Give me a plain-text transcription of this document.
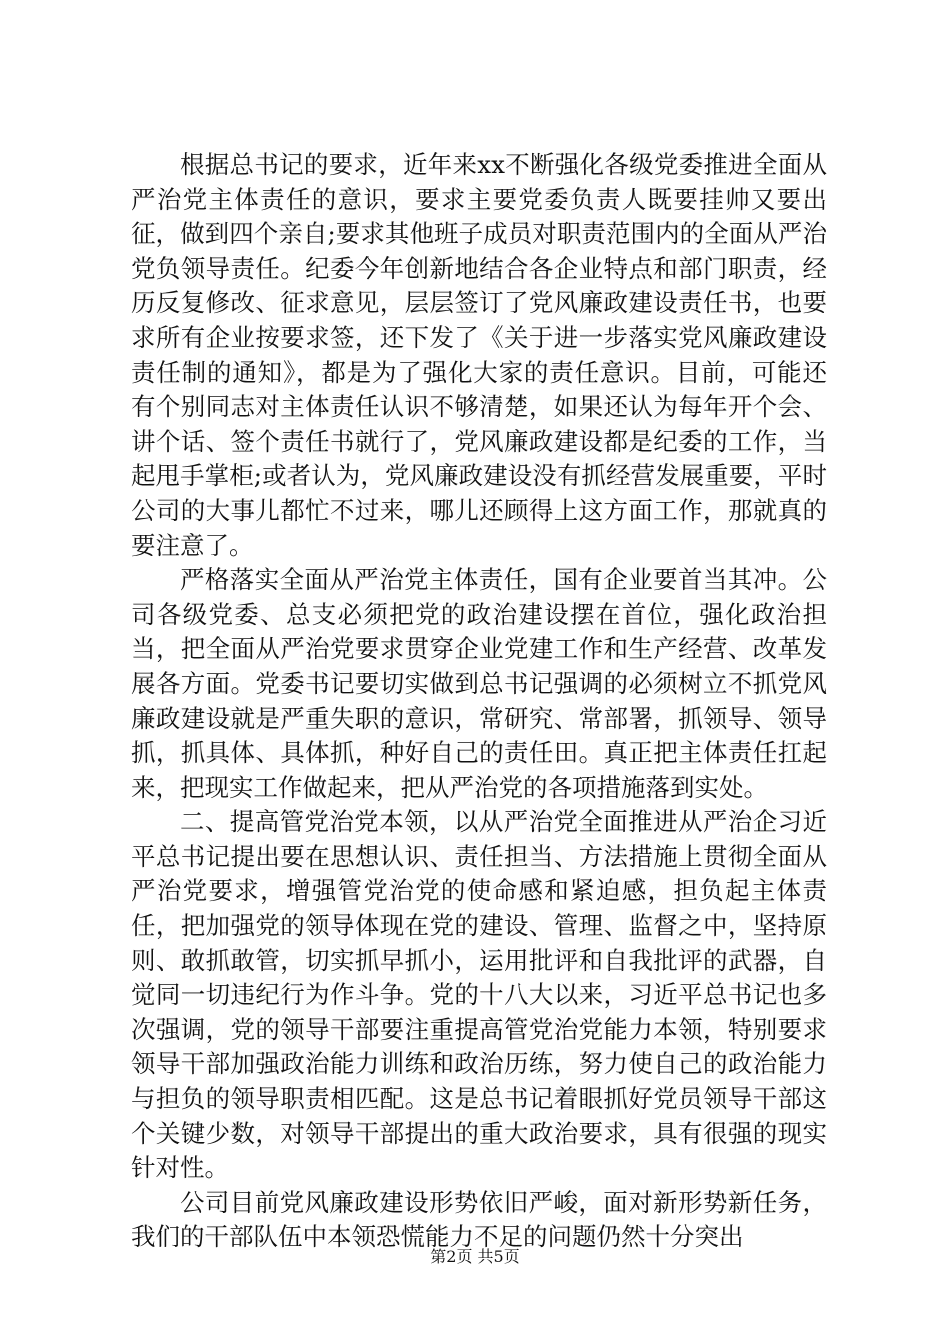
根据总书记的要求，近年来xx不断强化各级党委推进全面从严治党主体责任的意识，要求主要党委负责人既要挂帅又要出征，做到四个亲自;要求其他班子成员对职责范围内的全面从严治党负领导责任。纪委今年创新地结合各企业特点和部门职责，经历反复修改、征求意见，层层签订了党风廉政建设责任书，也要求所有企业按要求签，还下发了《关于进一步落实党风廉政建设责任制的通知》，都是为了强化大家的责任意识。目前，可能还有个别同志对主体责任认识不够清楚，如果还认为每年开个会、讲个话、签个责任书就行了，党风廉政建设都是纪委的工作，当起甩手掌柜;或者认为，党风廉政建设没有抓经营发展重要，平时公司的大事儿都忙不过来，哪儿还顾得上这方面工作，那就真的要注意了。

严格落实全面从严治党主体责任，国有企业要首当其冲。公司各级党委、总支必须把党的政治建设摆在首位，强化政治担当，把全面从严治党要求贯穿企业党建工作和生产经营、改革发展各方面。党委书记要切实做到总书记强调的必须树立不抓党风廉政建设就是严重失职的意识，常研究、常部署，抓领导、领导抓，抓具体、具体抓，种好自己的责任田。真正把主体责任扛起来，把现实工作做起来，把从严治党的各项措施落到实处。

二、提高管党治党本领，以从严治党全面推进从严治企习近平总书记提出要在思想认识、责任担当、方法措施上贯彻全面从严治党要求，增强管党治党的使命感和紧迫感，担负起主体责任，把加强党的领导体现在党的建设、管理、监督之中，坚持原则、敢抓敢管，切实抓早抓小，运用批评和自我批评的武器，自觉同一切违纪行为作斗争。党的十八大以来，习近平总书记也多次强调，党的领导干部要注重提高管党治党能力本领，特别要求领导干部加强政治能力训练和政治历练，努力使自己的政治能力与担负的领导职责相匹配。这是总书记着眼抓好党员领导干部这个关键少数，对领导干部提出的重大政治要求，具有很强的现实针对性。

公司目前党风廉政建设形势依旧严峻，面对新形势新任务，我们的干部队伍中本领恐慌能力不足的问题仍然十分突出

第2页 共5页
